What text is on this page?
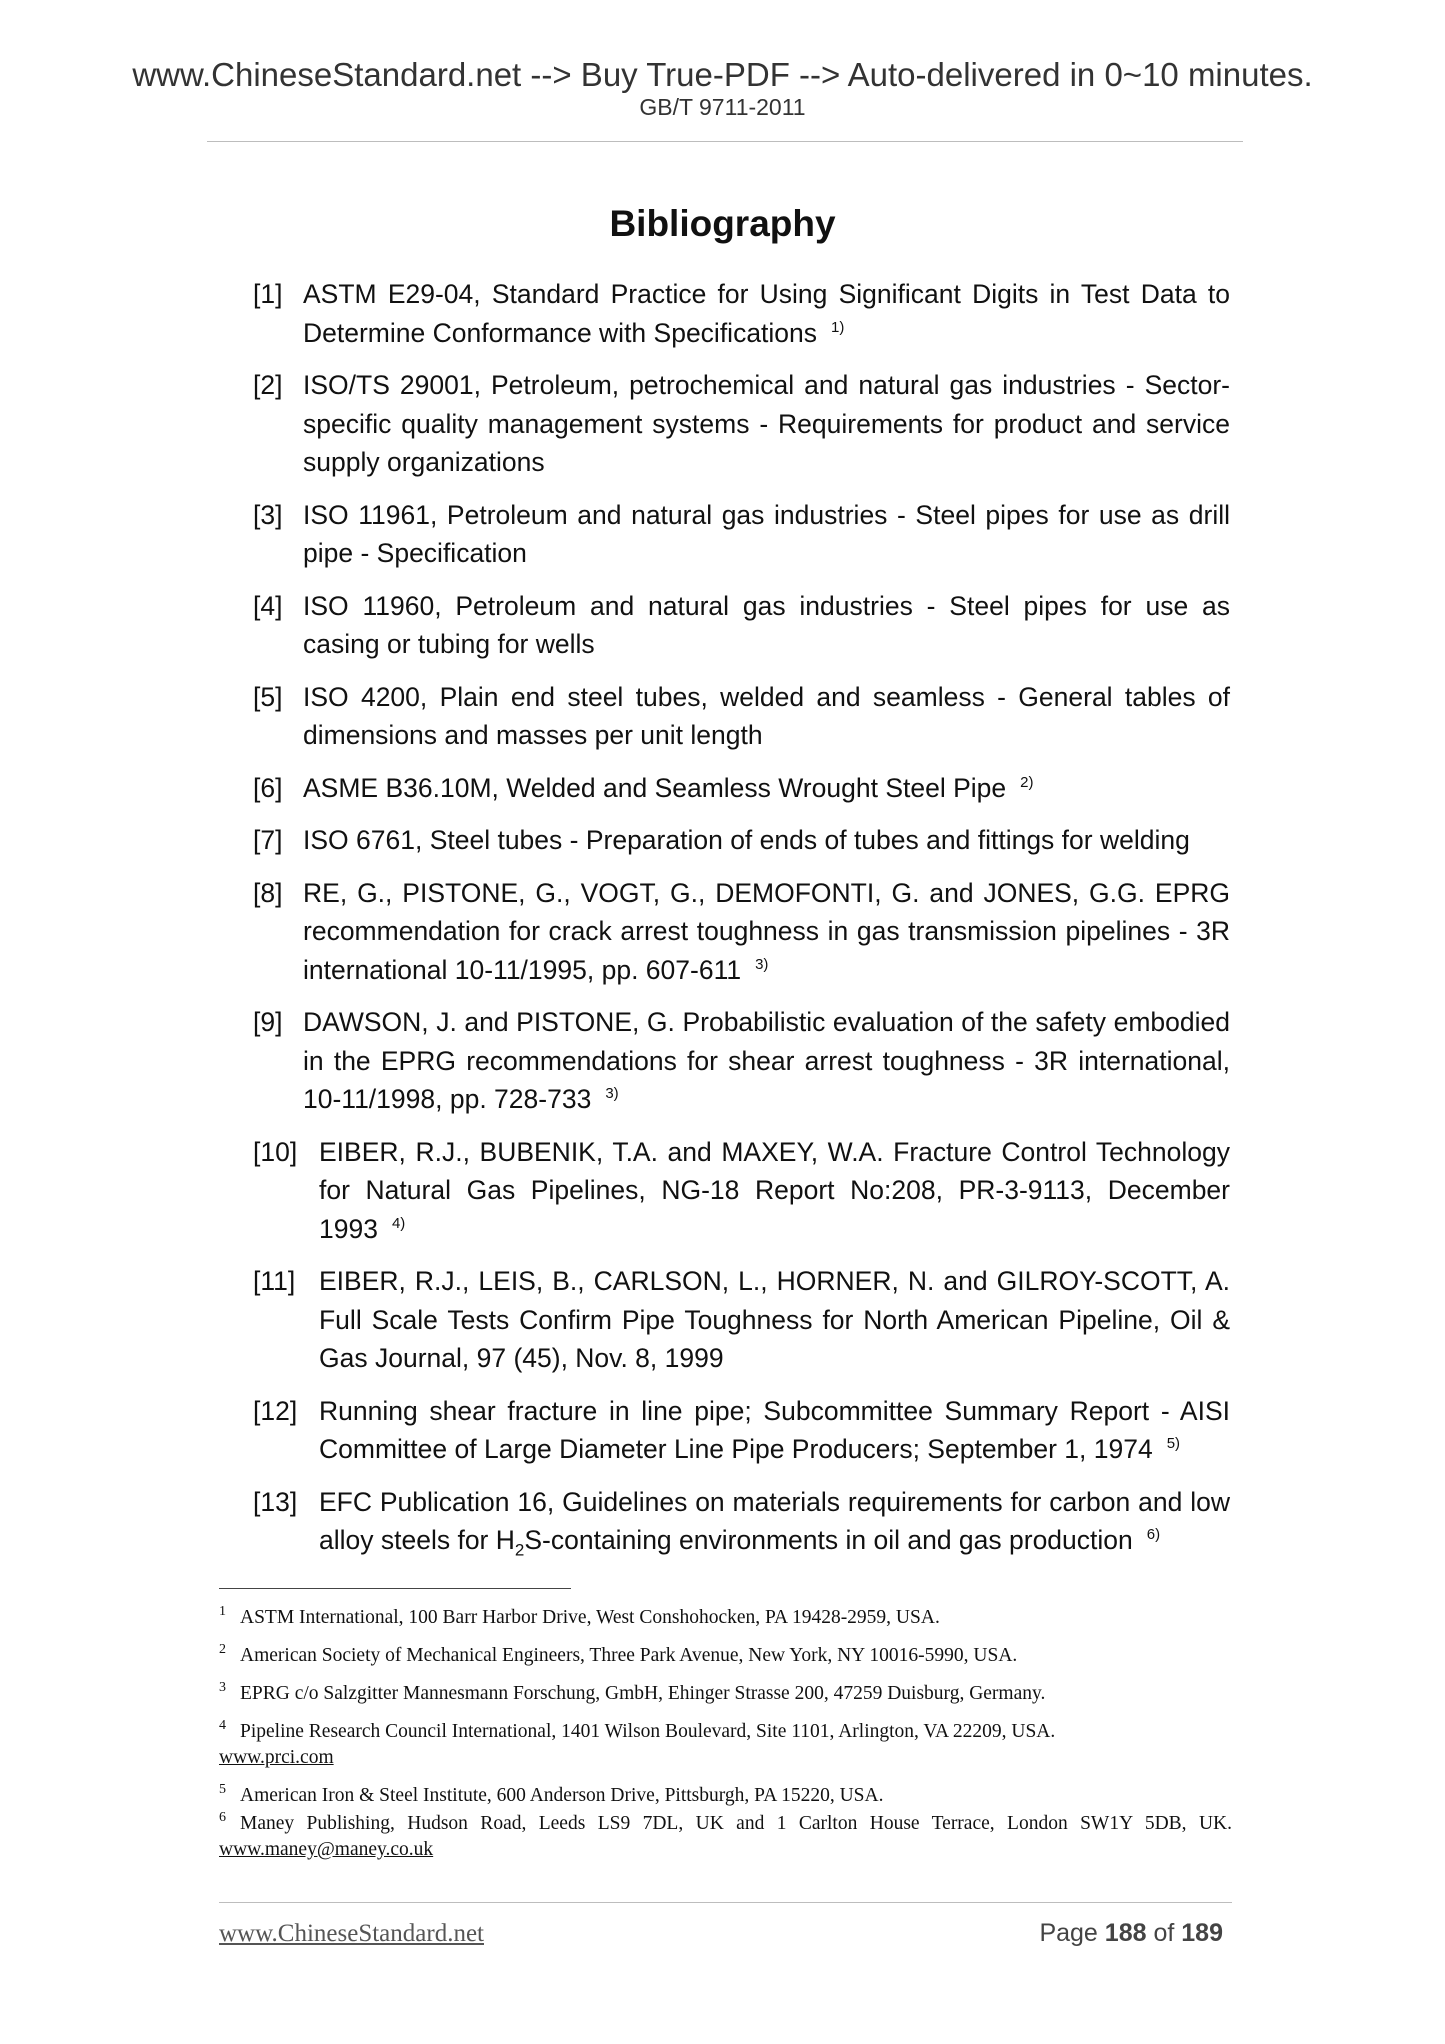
www.ChineseStandard.net --> Buy True-PDF --> Auto-delivered in 0~10 minutes.
GB/T 9711-2011
Bibliography
[1] ASTM E29-04, Standard Practice for Using Significant Digits in Test Data to Determine Conformance with Specifications $^{1)}$
[2] ISO/TS 29001, Petroleum, petrochemical and natural gas industries - Sector-specific quality management systems - Requirements for product and service supply organizations
[3] ISO 11961, Petroleum and natural gas industries - Steel pipes for use as drill pipe - Specification
[4] ISO 11960, Petroleum and natural gas industries - Steel pipes for use as casing or tubing for wells
[5] ISO 4200, Plain end steel tubes, welded and seamless - General tables of dimensions and masses per unit length
[6] ASME B36.10M, Welded and Seamless Wrought Steel Pipe $^{2)}$
[7] ISO 6761, Steel tubes - Preparation of ends of tubes and fittings for welding
[8] RE, G., PISTONE, G., VOGT, G., DEMOFONTI, G. and JONES, G.G. EPRG recommendation for crack arrest toughness in gas transmission pipelines - 3R international 10-11/1995, pp. 607-611 $^{3)}$
[9] DAWSON, J. and PISTONE, G. Probabilistic evaluation of the safety embodied in the EPRG recommendations for shear arrest toughness - 3R international, 10-11/1998, pp. 728-733 $^{3)}$
[10] EIBER, R.J., BUBENIK, T.A. and MAXEY, W.A. Fracture Control Technology for Natural Gas Pipelines, NG-18 Report No:208, PR-3-9113, December 1993 $^{4)}$
[11] EIBER, R.J., LEIS, B., CARLSON, L., HORNER, N. and GILROY-SCOTT, A. Full Scale Tests Confirm Pipe Toughness for North American Pipeline, Oil & Gas Journal, 97 (45), Nov. 8, 1999
[12] Running shear fracture in line pipe; Subcommittee Summary Report - AISI Committee of Large Diameter Line Pipe Producers; September 1, 1974 $^{5)}$
[13] EFC Publication 16, Guidelines on materials requirements for carbon and low alloy steels for $H_2S$-containing environments in oil and gas production $^{6)}$
$^1$ ASTM International, 100 Barr Harbor Drive, West Conshohocken, PA 19428-2959, USA.
$^2$ American Society of Mechanical Engineers, Three Park Avenue, New York, NY 10016-5990, USA.
$^3$ EPRG c/o Salzgitter Mannesmann Forschung, GmbH, Ehinger Strasse 200, 47259 Duisburg, Germany.
$^4$ Pipeline Research Council International, 1401 Wilson Boulevard, Site 1101, Arlington, VA 22209, USA.
www.prci.com
$^5$ American Iron & Steel Institute, 600 Anderson Drive, Pittsburgh, PA 15220, USA.
$^6$ Maney Publishing, Hudson Road, Leeds LS9 7DL, UK and 1 Carlton House Terrace, London SW1Y 5DB, UK. www.maney@maney.co.uk
www.ChineseStandard.net	Page 188 of 189
